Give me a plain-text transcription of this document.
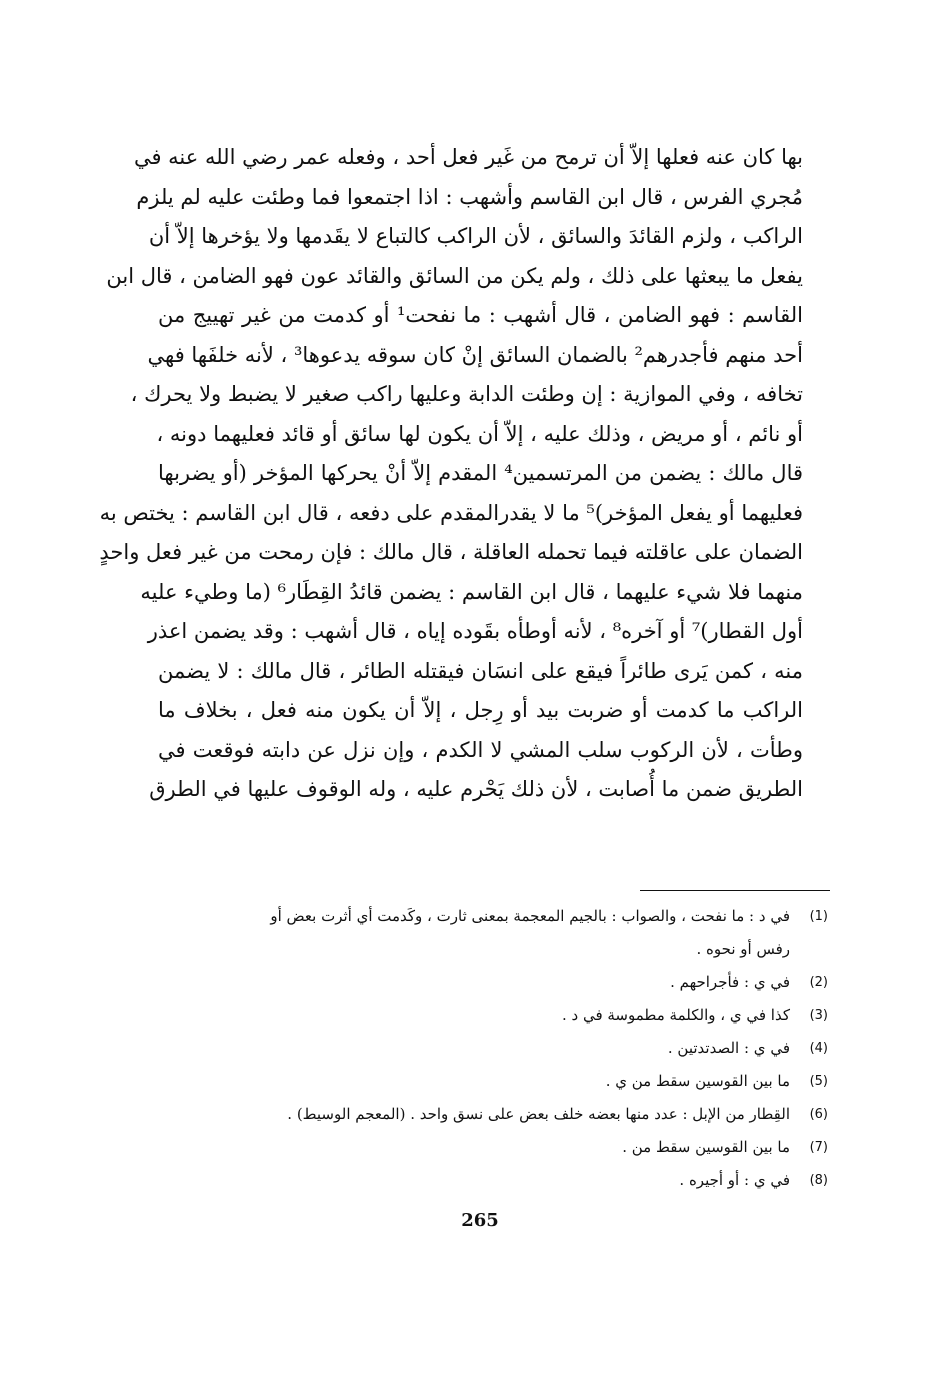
بها كان عنه فعلها إلاّ أن ترمح من غَير فعل أحد ، وفعله عمر رضي الله عنه في
مُجري الفرس ، قال ابن القاسم وأشهب : اذا اجتمعوا فما وطئت عليه لم يلزم
الراكب ، ولزم القائدَ والسائق ، لأن الراكب كالتباع لا يقَدمها ولا يؤخرها إلاّ أن
يفعل ما يبعثها على ذلك ، ولم يكن من السائق والقائد عون فهو الضامن ، قال ابن
القاسم : فهو الضامن ، قال أشهب : ما نفحت¹ أو كدمت من غير تهييج من
أحد منهم فأجدرهم² بالضمان السائق إنْ كان سوقه يدعوها³ ، لأنه خلفَها فهي
تخافه ، وفي الموازية : إن وطئت الدابة وعليها راكب صغير لا يضبط ولا يحرك ،
أو نائم ، أو مريض ، وذلك عليه ، إلاّ أن يكون لها سائق أو قائد فعليهما دونه ،
قال مالك : يضمن من المرتسمين⁴ المقدم إلاّ أنْ يحركها المؤخر (أو يضربها
فعليهما أو يفعل المؤخر)⁵ ما لا يقدرالمقدم على دفعه ، قال ابن القاسم : يختص به
الضمان على عاقلته فيما تحمله العاقلة ، قال مالك : فإن رمحت من غير فعل واحدٍ
منهما فلا شيء عليهما ، قال ابن القاسم : يضمن قائدُ القِطَار⁶ (ما وطيء عليه
أول القطار)⁷ أو آخره⁸ ، لأنه أوطأه بقَوده إياه ، قال أشهب : وقد يضمن اعذر
منه ، كمن يَرى طائراً فيقع على انسَان فيقتله الطائر ، قال مالك : لا يضمن
الراكب ما كدمت أو ضربت بيد أو رِجل ، إلاّ أن يكون منه فعل ، بخلاف ما
وطأت ، لأن الركوب سلب المشي لا الكدم ، وإن نزل عن دابته فوقعت في
الطريق ضمن ما أُصابت ، لأن ذلك يَحْرم عليه ، وله الوقوف عليها في الطرق
(1)
في د : ما نفحت ، والصواب : بالجيم المعجمة بمعنى ثارت ، وكَدمت أي أثرت بعض أو
رفس أو نحوه .
(2)
في ي : فأجراحهم .
(3)
كذا في ي ، والكلمة مطموسة في د .
(4)
في ي : الصدتدتين .
(5)
ما بين القوسين سقط من ي .
(6)
القِطار من الإبل : عدد منها بعضه خلف بعض على نسق واحد . (المعجم الوسيط) .
(7)
ما بين القوسين سقط من .
(8)
في ي : أو أجيره .
265
